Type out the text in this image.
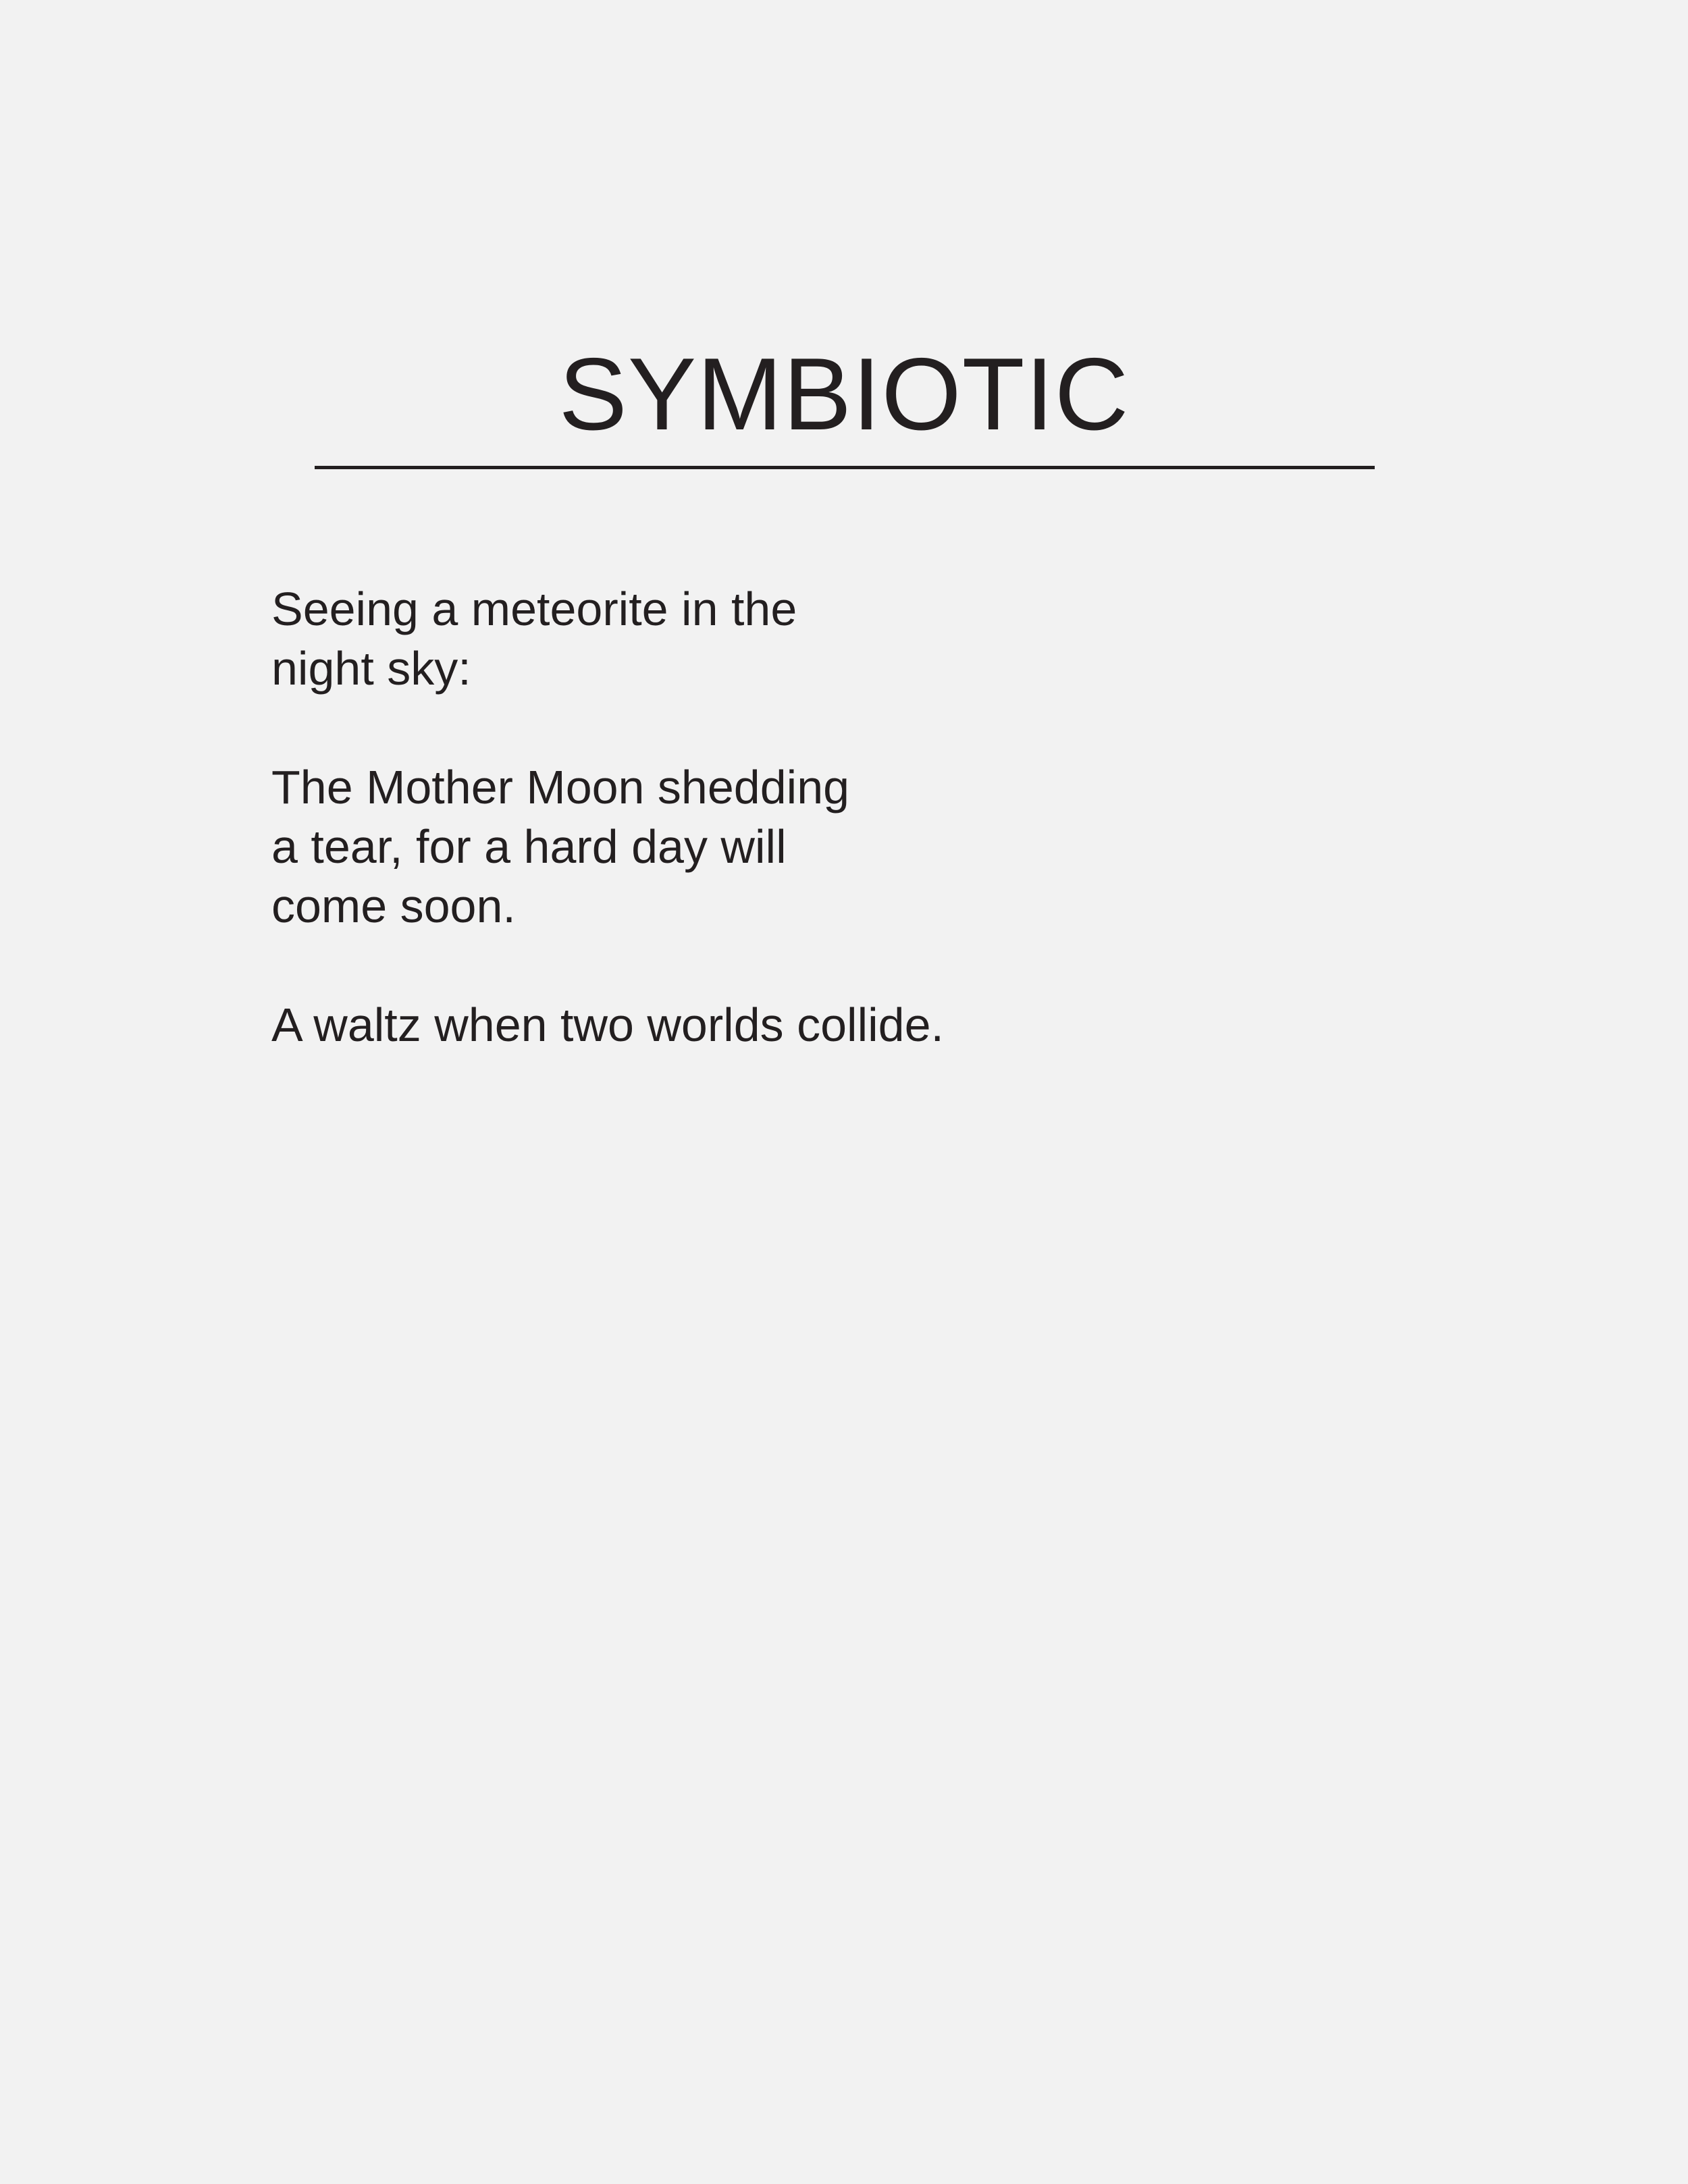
SYMBIOTIC
Seeing a meteorite in the
night sky:
The Mother Moon shedding
a tear, for a hard day will
come soon.
A waltz when two worlds collide.
